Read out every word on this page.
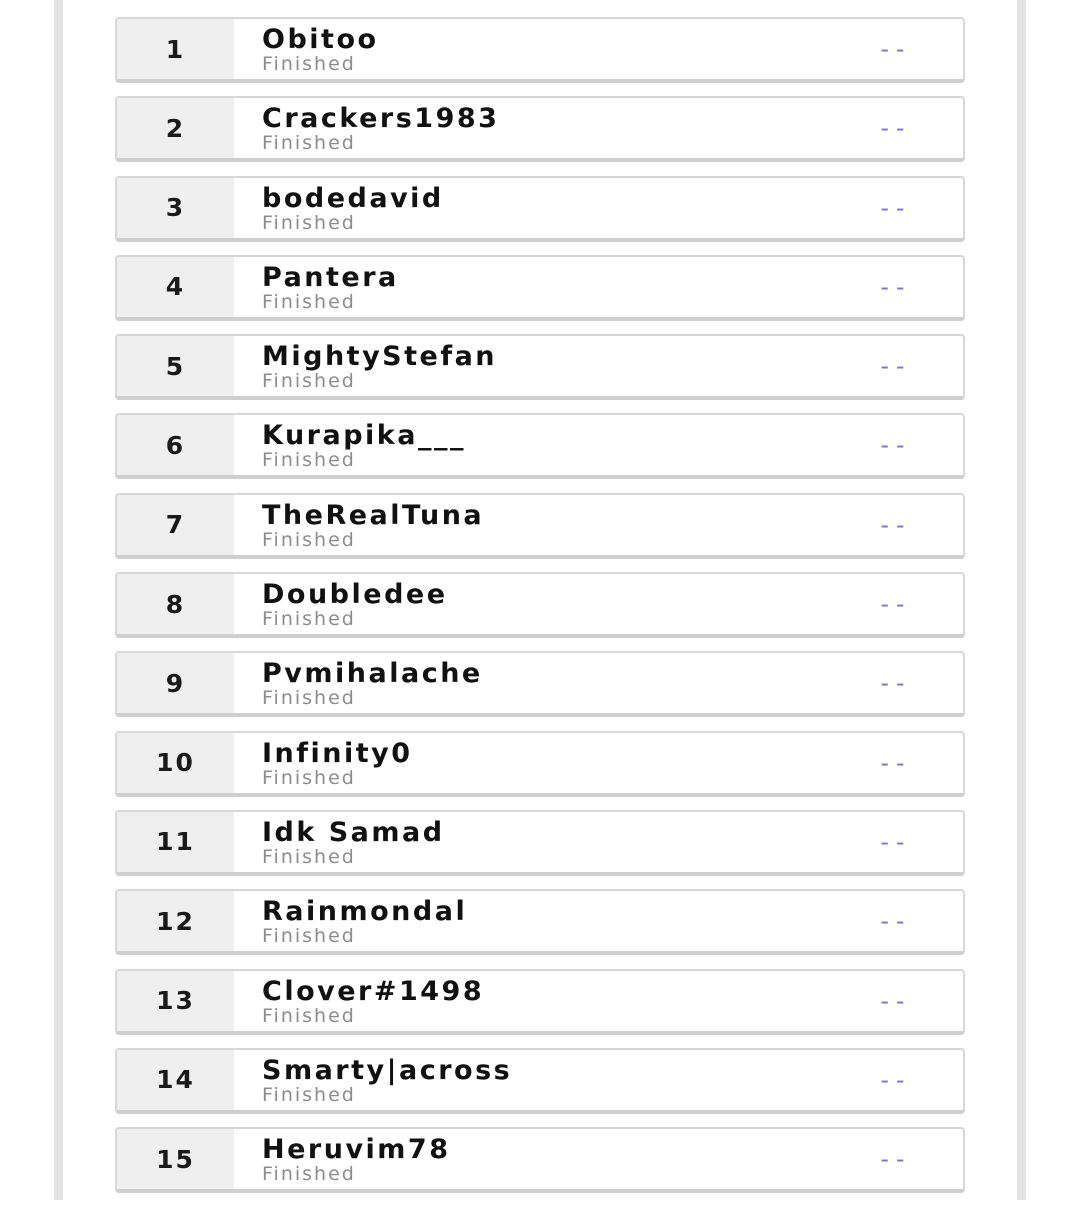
1	Obitoo
Finished
--
2	Crackers1983
Finished
--
3	bodedavid
Finished
--
4	Pantera
Finished
--
5	MightyStefan
Finished
--
6	Kurapika___
Finished
--
7	TheRealTuna
Finished
--
8	Doubledee
Finished
--
9	Pvmihalache
Finished
--
10	Infinity0
Finished
--
11	Idk Samad
Finished
--
12	Rainmondal
Finished
--
13	Clover#1498
Finished
--
14	Smarty|across
Finished
--
15	Heruvim78
Finished
--
